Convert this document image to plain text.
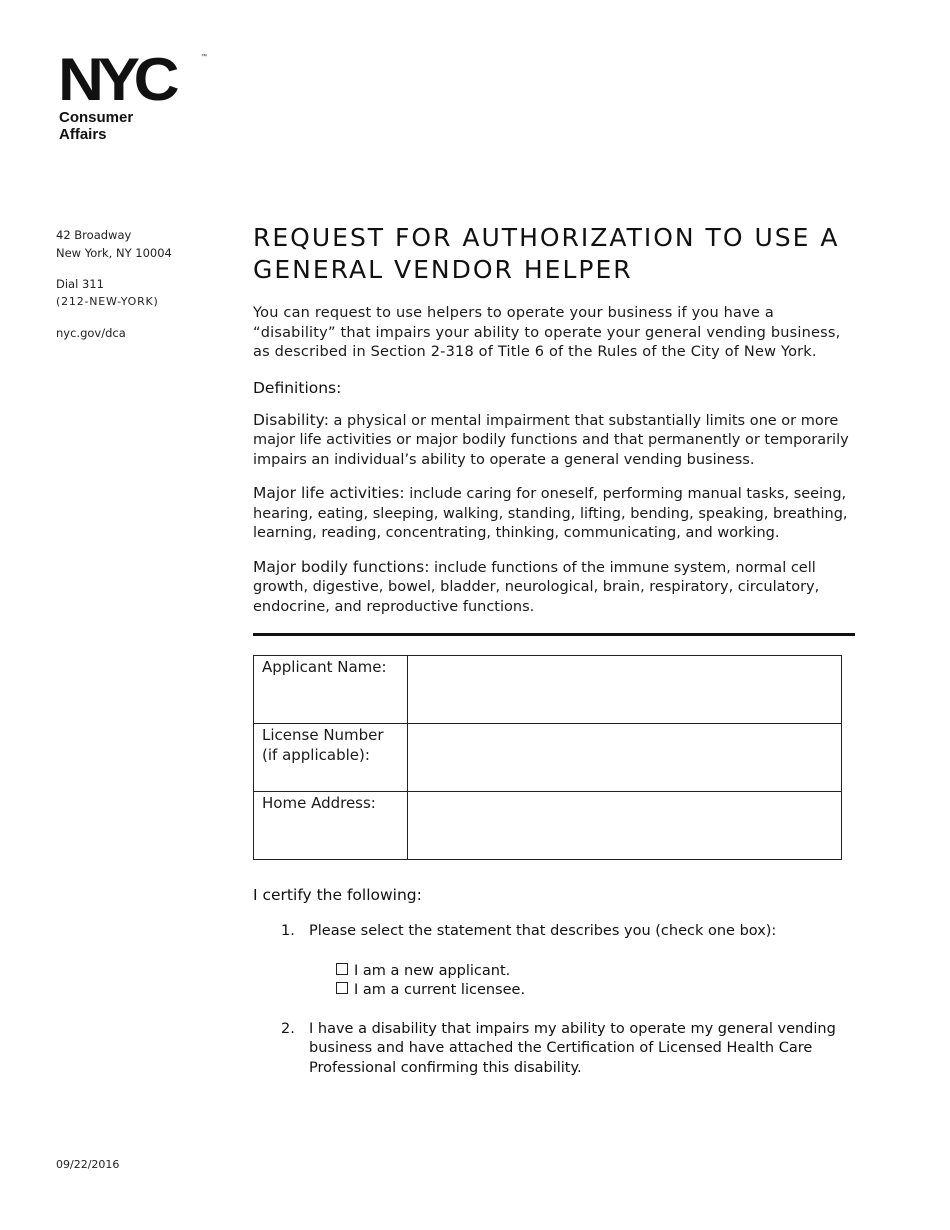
NYC	™
Consumer
Affairs
42 Broadway
New York, NY 10004
Dial 311
(212-NEW-YORK)
nyc.gov/dca
REQUEST FOR AUTHORIZATION TO USE A
GENERAL VENDOR HELPER

You can request to use helpers to operate your business if you have a “disability” that impairs your ability to operate your general vending business, as described in Section 2-318 of Title 6 of the Rules of the City of New York.

Definitions:

Disability: a physical or mental impairment that substantially limits one or more major life activities or major bodily functions and that permanently or temporarily impairs an individual’s ability to operate a general vending business.

Major life activities: include caring for oneself, performing manual tasks, seeing, hearing, eating, sleeping, walking, standing, lifting, bending, speaking, breathing, learning, reading, concentrating, thinking, communicating, and working.

Major bodily functions: include functions of the immune system, normal cell growth, digestive, bowel, bladder, neurological, brain, respiratory, circulatory, endocrine, and reproductive functions.

Applicant Name:

License Number
(if applicable):

Home Address:

I certify the following:

1. Please select the statement that describes you (check one box):
I am a new applicant.
I am a current licensee.
2. I have a disability that impairs my ability to operate my general vending business and have attached the Certification of Licensed Health Care Professional confirming this disability.
09/22/2016
